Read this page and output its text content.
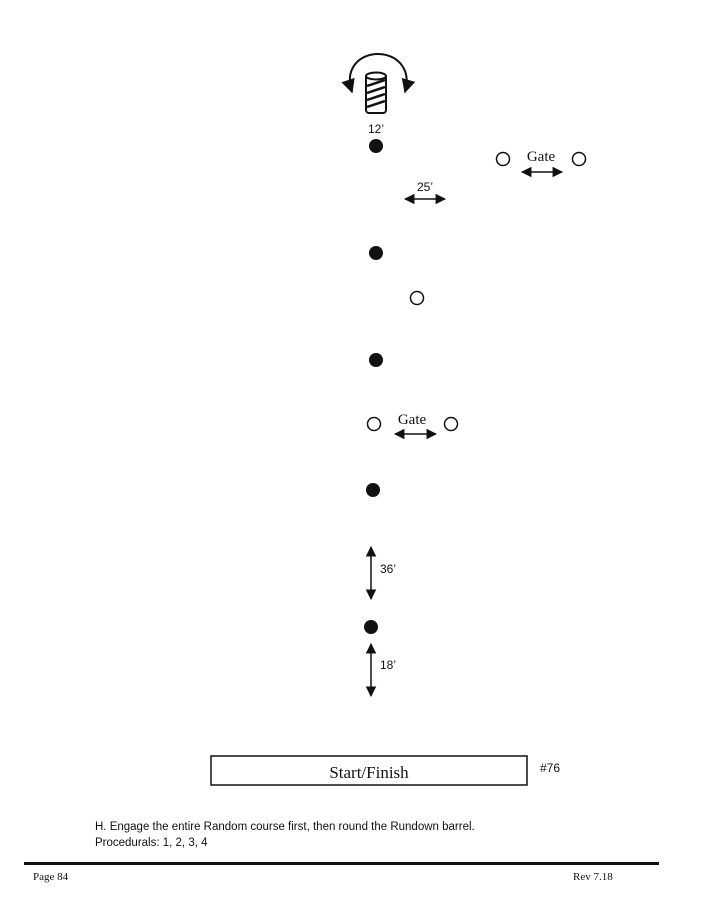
12’
Gate
25’
Gate
36’
18’
Start/Finish	#76
H. Engage the entire Random course first, then round the Rundown barrel.
Procedurals: 1, 2, 3, 4
Page 84	Rev 7.18
